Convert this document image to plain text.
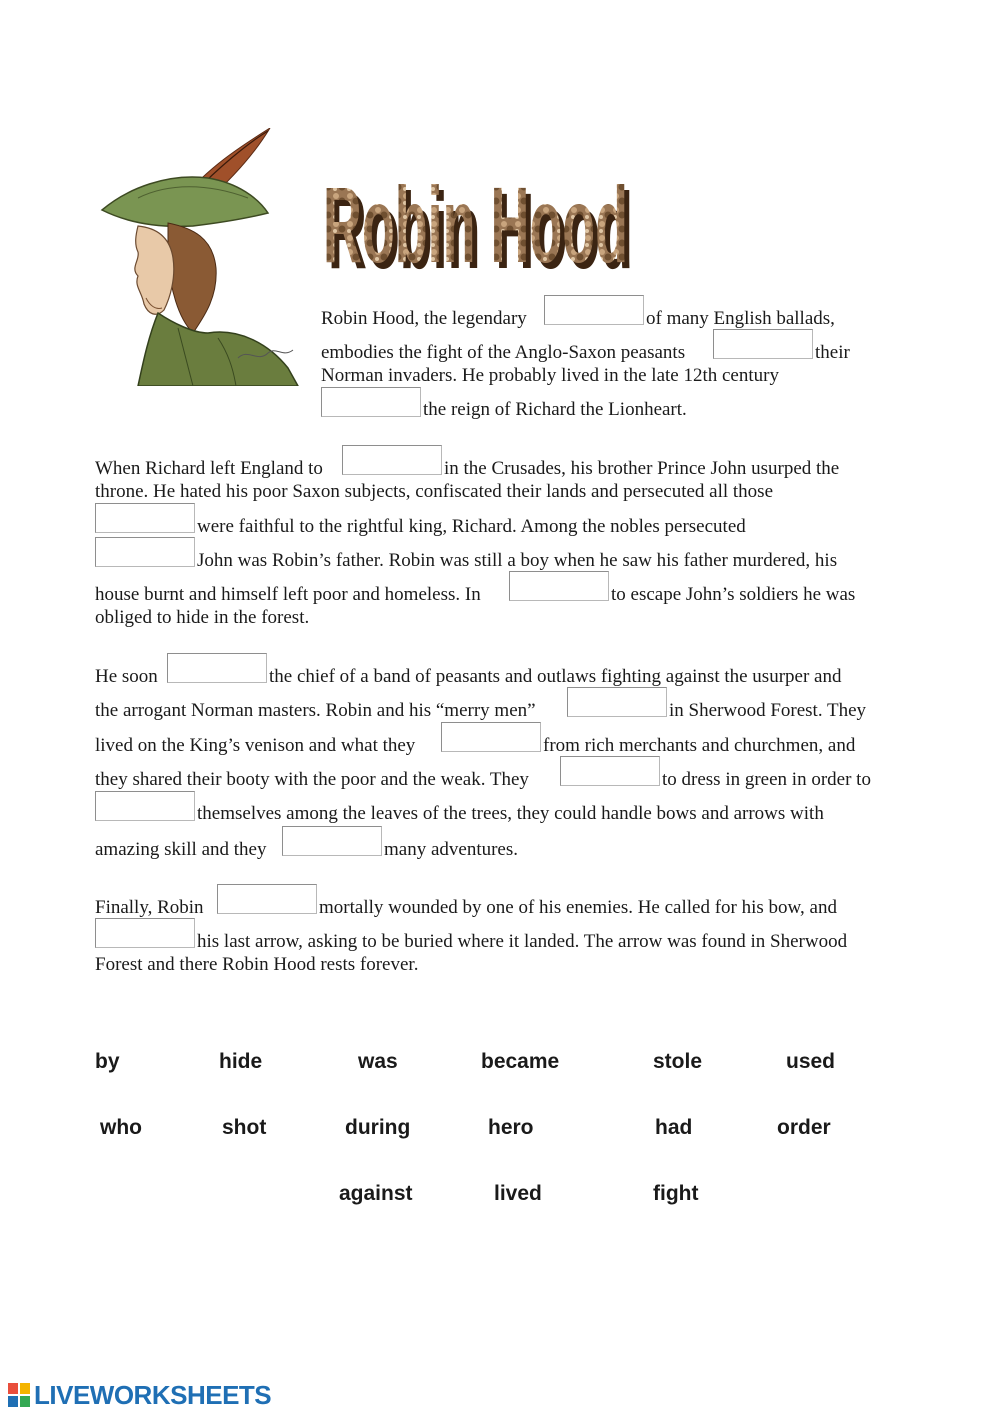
Robin Hood
Robin Hood
Robin Hood, the legendary	of many English ballads,
embodies the fight of the Anglo-Saxon peasants	their
Norman invaders. He probably lived in the late 12th century
the reign of Richard the Lionheart.
When Richard left England to	in the Crusades, his brother Prince John usurped the
throne. He hated his poor Saxon subjects, confiscated their lands and persecuted all those
were faithful to the rightful king, Richard. Among the nobles persecuted
John was Robin’s father. Robin was still a boy when he saw his father murdered, his
house burnt and himself left poor and homeless. In	to escape John’s soldiers he was
obliged to hide in the forest.
He soon	the chief of a band of peasants and outlaws fighting against the usurper and
the arrogant Norman masters. Robin and his “merry men”	in Sherwood Forest. They
lived on the King’s venison and what they	from rich merchants and churchmen, and
they shared their booty with the poor and the weak. They	to dress in green in order to
themselves among the leaves of the trees, they could handle bows and arrows with
amazing skill and they	many adventures.
Finally, Robin	mortally wounded by one of his enemies. He called for his bow, and
his last arrow, asking to be buried where it landed. The arrow was found in Sherwood
Forest and there Robin Hood rests forever.
by	hide	was	became	stole	used
who	shot	during	hero	had	order
against	lived	fight
LIVEWORKSHEETS
